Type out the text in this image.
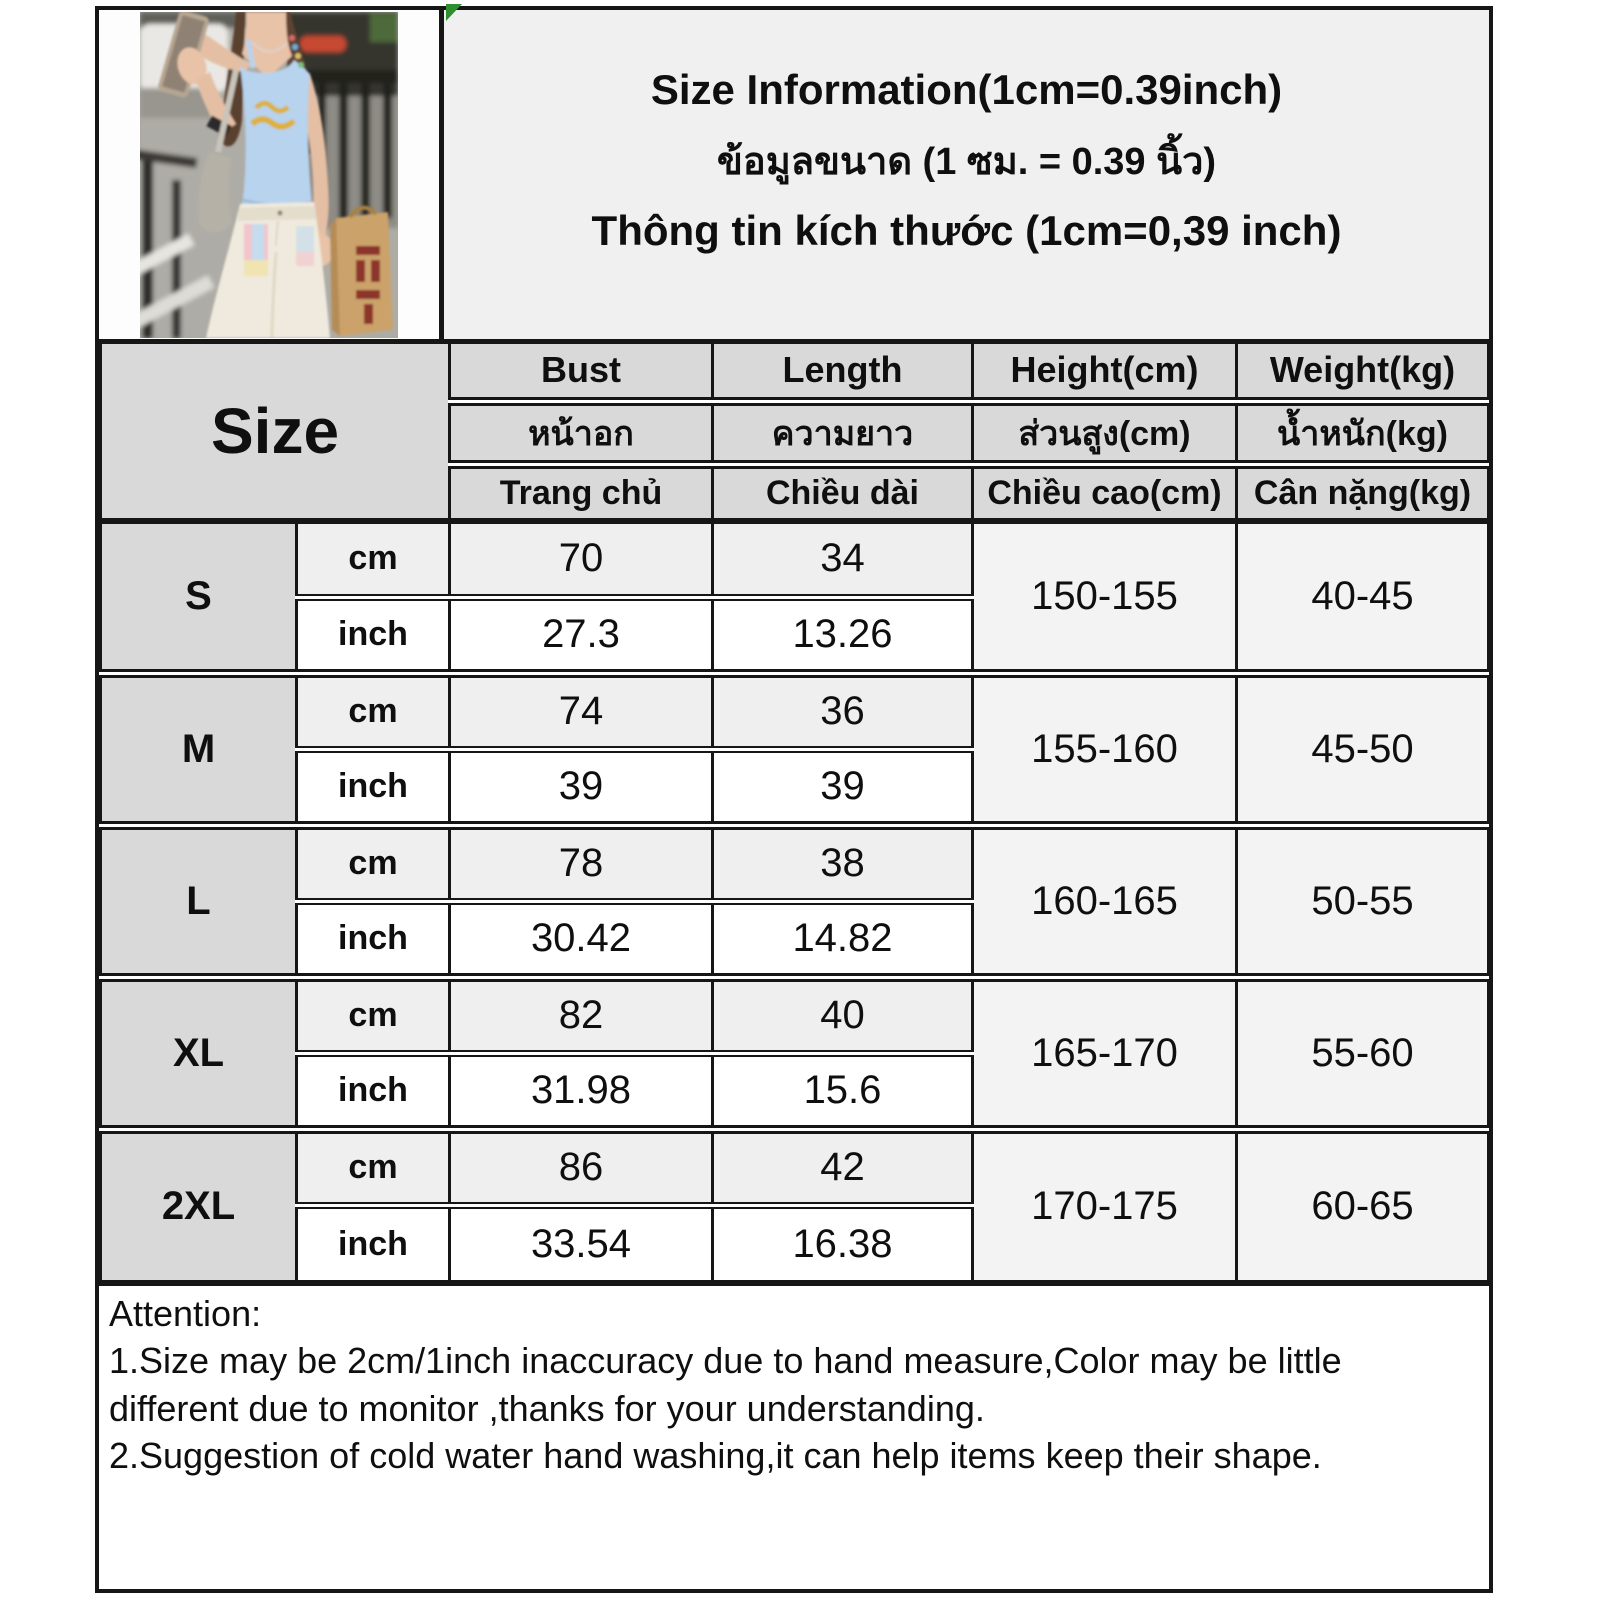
Size Information(1cm=0.39inch)
ข้อมูลขนาด (1 ซม. = 0.39 นิ้ว)
Thông tin kích thước (1cm=0,39 inch)
Size		Bust	Length	Height(cm)	Weight(kg)
		หน้าอก	ความยาว	ส่วนสูง(cm)	น้ำหนัก(kg)
		Trang chủ	Chiều dài	Chiều cao(cm)	Cân nặng(kg)
S	cm	70	34	150-155	40-45
	inch	27.3	13.26		
M	cm	74	36	155-160	45-50
	inch	39	39		
L	cm	78	38	160-165	50-55
	inch	30.42	14.82		
XL	cm	82	40	165-170	55-60
	inch	31.98	15.6		
2XL	cm	86	42	170-175	60-65
	inch	33.54	16.38		

Attention:

1.Size may be 2cm/1inch inaccuracy due to hand measure,Color may be little different due to monitor ,thanks for your understanding.

2.Suggestion of cold water hand washing,it can help items keep their shape.
